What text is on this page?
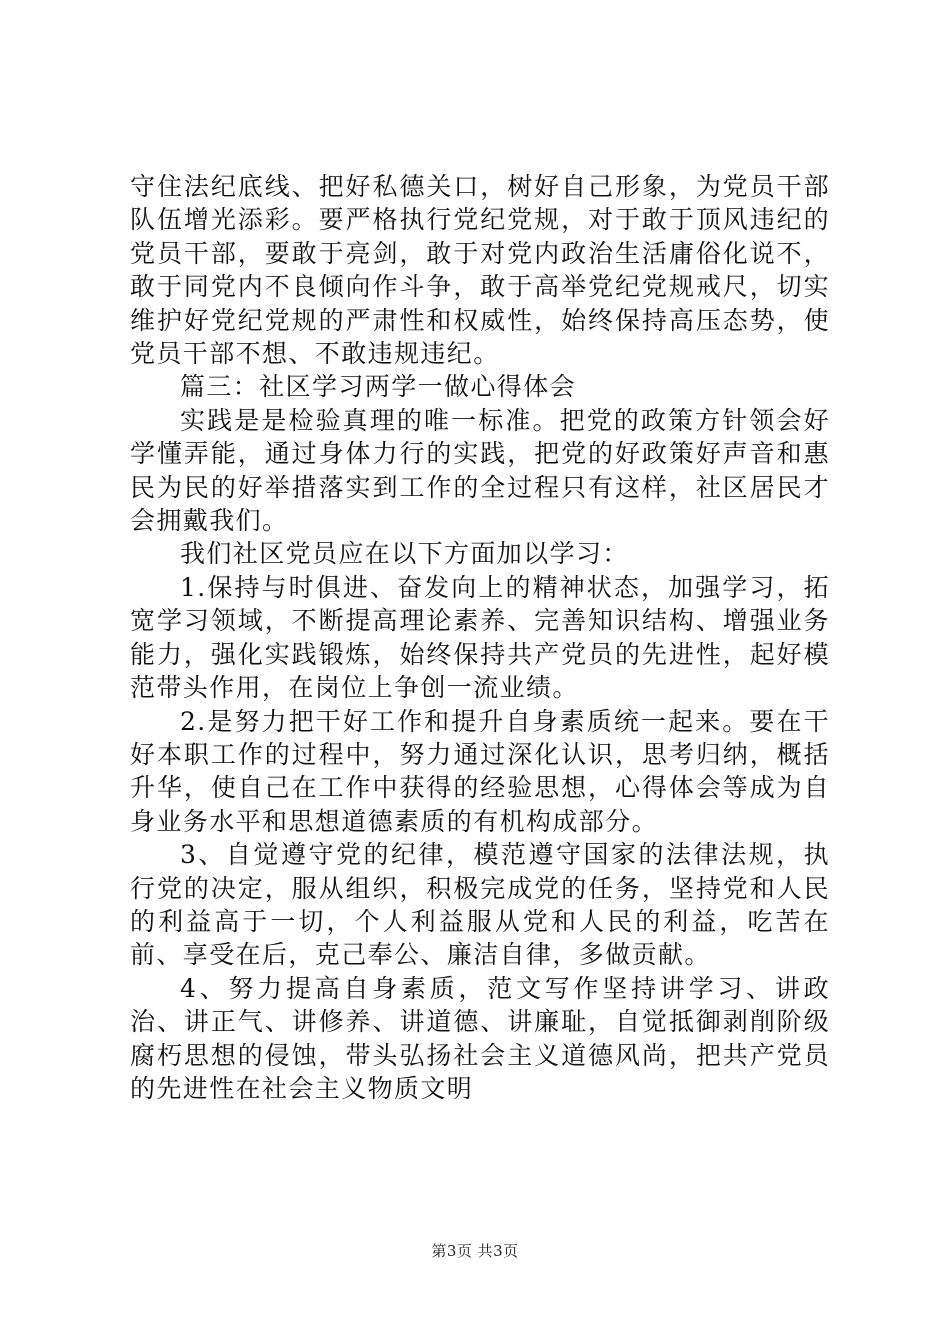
守住法纪底线、把好私德关口，树好自己形象，为党员干部队伍增光添彩。要严格执行党纪党规，对于敢于顶风违纪的党员干部，要敢于亮剑，敢于对党内政治生活庸俗化说不，敢于同党内不良倾向作斗争，敢于高举党纪党规戒尺，切实维护好党纪党规的严肃性和权威性，始终保持高压态势，使党员干部不想、不敢违规违纪。

篇三：社区学习两学一做心得体会

实践是是检验真理的唯一标准。把党的政策方针领会好学懂弄能，通过身体力行的实践，把党的好政策好声音和惠民为民的好举措落实到工作的全过程只有这样，社区居民才会拥戴我们。

我们社区党员应在以下方面加以学习：

1.保持与时俱进、奋发向上的精神状态，加强学习，拓宽学习领域，不断提高理论素养、完善知识结构、增强业务能力，强化实践锻炼，始终保持共产党员的先进性，起好模范带头作用，在岗位上争创一流业绩。

2.是努力把干好工作和提升自身素质统一起来。要在干好本职工作的过程中，努力通过深化认识，思考归纳，概括升华，使自己在工作中获得的经验思想，心得体会等成为自身业务水平和思想道德素质的有机构成部分。

3、自觉遵守党的纪律，模范遵守国家的法律法规，执行党的决定，服从组织，积极完成党的任务，坚持党和人民的利益高于一切，个人利益服从党和人民的利益，吃苦在前、享受在后，克己奉公、廉洁自律，多做贡献。

4、努力提高自身素质，范文写作坚持讲学习、讲政治、讲正气、讲修养、讲道德、讲廉耻，自觉抵御剥削阶级腐朽思想的侵蚀，带头弘扬社会主义道德风尚，把共产党员的先进性在社会主义物质文明

第3页 共3页
